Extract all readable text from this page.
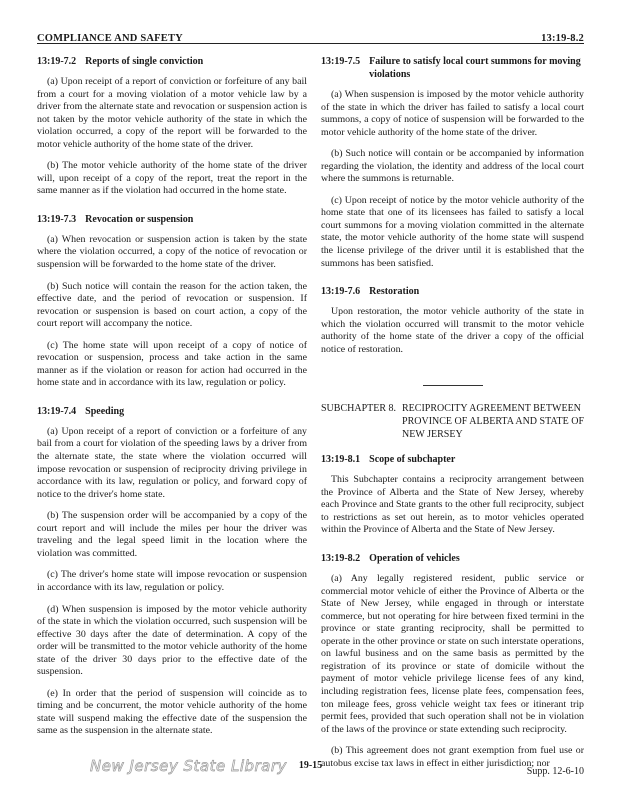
COMPLIANCE AND SAFETY	13:19-8.2
13:19-7.2 Reports of single conviction

(a) Upon receipt of a report of conviction or forfeiture of any bail from a court for a moving violation of a motor vehicle law by a driver from the alternate state and revocation or suspension action is not taken by the motor vehicle authority of the state in which the violation occurred, a copy of the report will be forwarded to the motor vehicle authority of the home state of the driver.

(b) The motor vehicle authority of the home state of the driver will, upon receipt of a copy of the report, treat the report in the same manner as if the violation had occurred in the home state.

13:19-7.3 Revocation or suspension

(a) When revocation or suspension action is taken by the state where the violation occurred, a copy of the notice of revocation or suspension will be forwarded to the home state of the driver.

(b) Such notice will contain the reason for the action taken, the effective date, and the period of revocation or suspension. If revocation or suspension is based on court action, a copy of the court report will accompany the notice.

(c) The home state will upon receipt of a copy of notice of revocation or suspension, process and take action in the same manner as if the violation or reason for action had occurred in the home state and in accordance with its law, regulation or policy.

13:19-7.4 Speeding

(a) Upon receipt of a report of conviction or a forfeiture of any bail from a court for violation of the speeding laws by a driver from the alternate state, the state where the violation occurred will impose revocation or suspension of reciprocity driving privilege in accordance with its law, regulation or policy, and forward copy of notice to the driver's home state.

(b) The suspension order will be accompanied by a copy of the court report and will include the miles per hour the driver was traveling and the legal speed limit in the location where the violation was committed.

(c) The driver's home state will impose revocation or suspension in accordance with its law, regulation or policy.

(d) When suspension is imposed by the motor vehicle authority of the state in which the violation occurred, such suspension will be effective 30 days after the date of determination. A copy of the order will be transmitted to the motor vehicle authority of the home state of the driver 30 days prior to the effective date of the suspension.

(e) In order that the period of suspension will coincide as to timing and be concurrent, the motor vehicle authority of the home state will suspend making the effective date of the suspension the same as the suspension in the alternate state.

13:19-7.5 Failure to satisfy local court summons for moving violations

(a) When suspension is imposed by the motor vehicle authority of the state in which the driver has failed to satisfy a local court summons, a copy of notice of suspension will be forwarded to the motor vehicle authority of the home state of the driver.

(b) Such notice will contain or be accompanied by information regarding the violation, the identity and address of the local court where the summons is returnable.

(c) Upon receipt of notice by the motor vehicle authority of the home state that one of its licensees has failed to satisfy a local court summons for a moving violation committed in the alternate state, the motor vehicle authority of the home state will suspend the license privilege of the driver until it is established that the summons has been satisfied.

13:19-7.6 Restoration

Upon restoration, the motor vehicle authority of the state in which the violation occurred will transmit to the motor vehicle authority of the home state of the driver a copy of the official notice of restoration.

SUBCHAPTER 8. RECIPROCITY AGREEMENT BETWEEN PROVINCE OF ALBERTA AND STATE OF NEW JERSEY
13:19-8.1 Scope of subchapter

This Subchapter contains a reciprocity arrangement between the Province of Alberta and the State of New Jersey, whereby each Province and State grants to the other full reciprocity, subject to restrictions as set out herein, as to motor vehicles operated within the Province of Alberta and the State of New Jersey.

13:19-8.2 Operation of vehicles

(a) Any legally registered resident, public service or commercial motor vehicle of either the Province of Alberta or the State of New Jersey, while engaged in through or interstate commerce, but not operating for hire between fixed termini in the province or state granting reciprocity, shall be permitted to operate in the other province or state on such interstate operations, on lawful business and on the same basis as permitted by the registration of its province or state of domicile without the payment of motor vehicle privilege license fees of any kind, including registration fees, license plate fees, compensation fees, ton mileage fees, gross vehicle weight tax fees or itinerant trip permit fees, provided that such operation shall not be in violation of the laws of the province or state extending such reciprocity.

(b) This agreement does not grant exemption from fuel use or autobus excise tax laws in effect in either jurisdiction; nor

19-15
Supp. 12-6-10
New Jersey State Library
